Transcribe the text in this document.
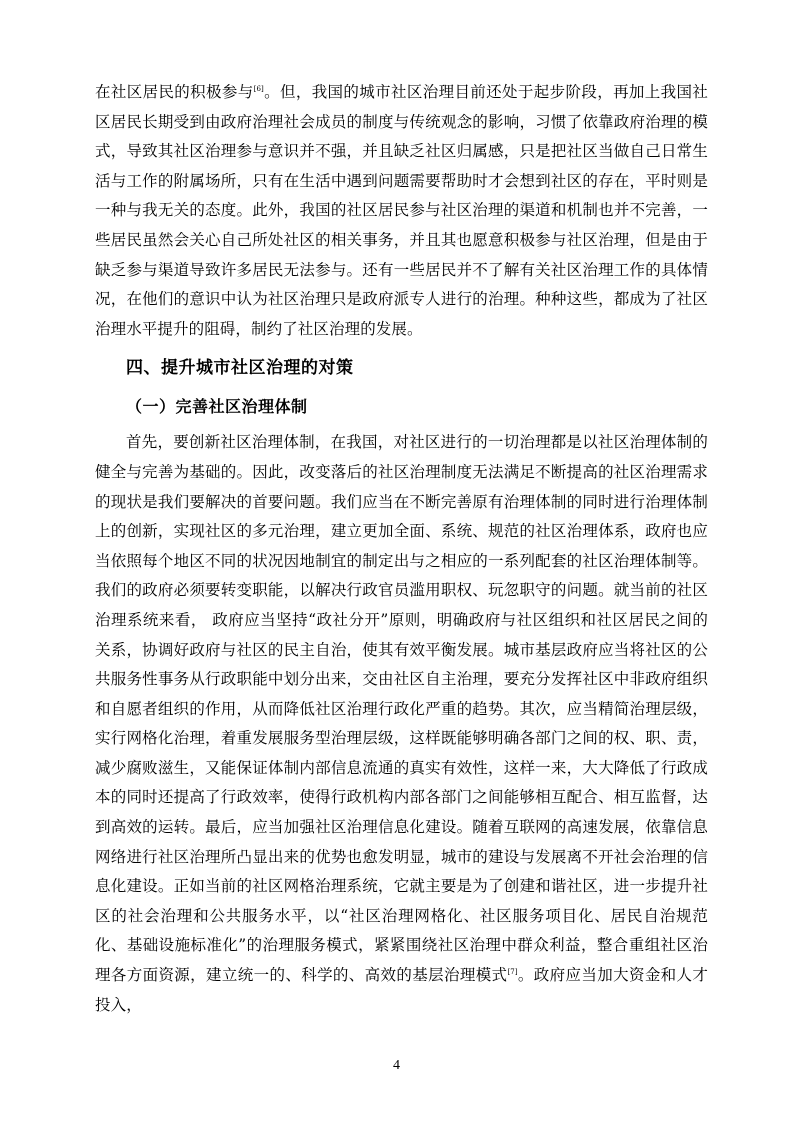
在社区居民的积极参与[6]。但，我国的城市社区治理目前还处于起步阶段，再加上我国社区居民长期受到由政府治理社会成员的制度与传统观念的影响，习惯了依靠政府治理的模式，导致其社区治理参与意识并不强，并且缺乏社区归属感，只是把社区当做自己日常生活与工作的附属场所，只有在生活中遇到问题需要帮助时才会想到社区的存在，平时则是一种与我无关的态度。此外，我国的社区居民参与社区治理的渠道和机制也并不完善，一些居民虽然会关心自己所处社区的相关事务，并且其也愿意积极参与社区治理，但是由于缺乏参与渠道导致许多居民无法参与。还有一些居民并不了解有关社区治理工作的具体情况，在他们的意识中认为社区治理只是政府派专人进行的治理。种种这些，都成为了社区治理水平提升的阻碍，制约了社区治理的发展。

四、提升城市社区治理的对策
（一）完善社区治理体制

首先，要创新社区治理体制，在我国，对社区进行的一切治理都是以社区治理体制的健全与完善为基础的。因此，改变落后的社区治理制度无法满足不断提高的社区治理需求的现状是我们要解决的首要问题。我们应当在不断完善原有治理体制的同时进行治理体制上的创新，实现社区的多元治理，建立更加全面、系统、规范的社区治理体系，政府也应当依照每个地区不同的状况因地制宜的制定出与之相应的一系列配套的社区治理体制等。我们的政府必须要转变职能，以解决行政官员滥用职权、玩忽职守的问题。就当前的社区治理系统来看， 政府应当坚持“政社分开”原则，明确政府与社区组织和社区居民之间的关系，协调好政府与社区的民主自治，使其有效平衡发展。城市基层政府应当将社区的公共服务性事务从行政职能中划分出来，交由社区自主治理，要充分发挥社区中非政府组织和自愿者组织的作用，从而降低社区治理行政化严重的趋势。其次，应当精简治理层级，实行网格化治理，着重发展服务型治理层级，这样既能够明确各部门之间的权、职、责，减少腐败滋生，又能保证体制内部信息流通的真实有效性，这样一来，大大降低了行政成本的同时还提高了行政效率，使得行政机构内部各部门之间能够相互配合、相互监督，达到高效的运转。最后，应当加强社区治理信息化建设。随着互联网的高速发展，依靠信息网络进行社区治理所凸显出来的优势也愈发明显，城市的建设与发展离不开社会治理的信息化建设。正如当前的社区网格治理系统，它就主要是为了创建和谐社区，进一步提升社区的社会治理和公共服务水平，以“社区治理网格化、社区服务项目化、居民自治规范化、基础设施标准化”的治理服务模式，紧紧围绕社区治理中群众利益，整合重组社区治理各方面资源，建立统一的、科学的、高效的基层治理模式[7]。政府应当加大资金和人才投入，

4
